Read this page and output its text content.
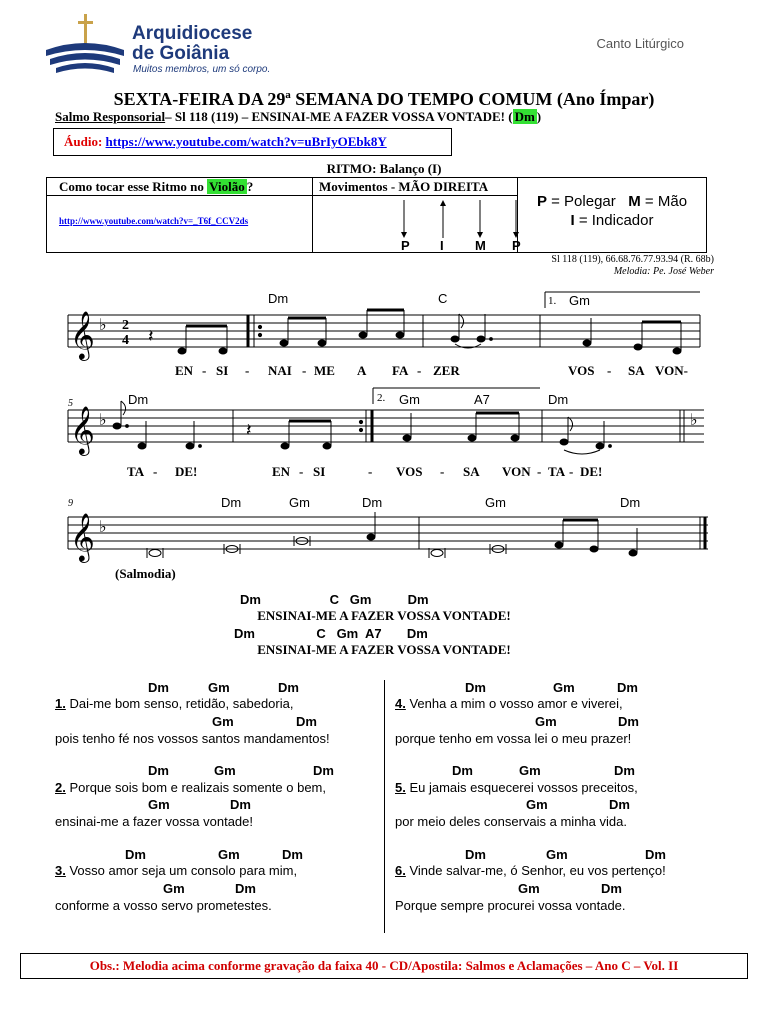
Arquidiocese
de Goiânia
Muitos membros, um só corpo.
Canto Litúrgico
SEXTA-FEIRA DA 29ª SEMANA DO TEMPO COMUM (Ano Ímpar)
Salmo Responsorial– Sl 118 (119) – ENSINAI-ME A FAZER VOSSA VONTADE! ( Dm )
Áudio: https://www.youtube.com/watch?v=uBrIyOEbk8Y
RITMO: Balanço (I)
Como tocar esse Ritmo no Violão ?
http://www.youtube.com/watch?v=_T6f_CCV2ds
Movimentos - MÃO DIREITA
P I M P
P = Polegar   M = Mão
I = Indicador
Sl 118 (119), 66.68.76.77.93.94 (R. 68b)
Melodia: Pe. José Weber
𝄞 ♭ 2
4 𝄽
Dm	C	Gm
1.
EN - SI - NAI - ME A FA - ZER	VOS - SA VON-
5
𝄞 ♭	♭
𝄽
Dm	Gm	A7	Dm
2.
TA - DE!	EN - SI	- VOS - SA VON - TA - DE!
9
𝄞 ♭
Dm	Gm	Dm	Gm	Dm
(Salmodia)
Dm                   C   Gm          Dm
ENSINAI-ME A FAZER VOSSA VONTADE!
Dm                 C   Gm  A7       Dm
ENSINAI-ME A FAZER VOSSA VONTADE!
Dm	Gm	Dm
1. Dai-me bom senso, retidão, sabedoria,
Gm	Dm
pois tenho fé nos vossos santos mandamentos!
Dm	Gm	Dm
2. Porque sois bom e realizais somente o bem,
Gm	Dm
ensinai-me a fazer vossa vontade!
Dm	Gm	Dm
3. Vosso amor seja um consolo para mim,
Gm	Dm
conforme a vosso servo prometestes.
Dm	Gm	Dm
4. Venha a mim o vosso amor e viverei,
Gm	Dm
porque tenho em vossa lei o meu prazer!
Dm	Gm	Dm
5. Eu jamais esquecerei vossos preceitos,
Gm	Dm
por meio deles conservais a minha vida.
Dm	Gm	Dm
6. Vinde salvar-me, ó Senhor, eu vos pertenço!
Gm	Dm
Porque sempre procurei vossa vontade.
Obs.: Melodia acima conforme gravação da faixa 40 - CD/Apostila: Salmos e Aclamações – Ano C – Vol. II
